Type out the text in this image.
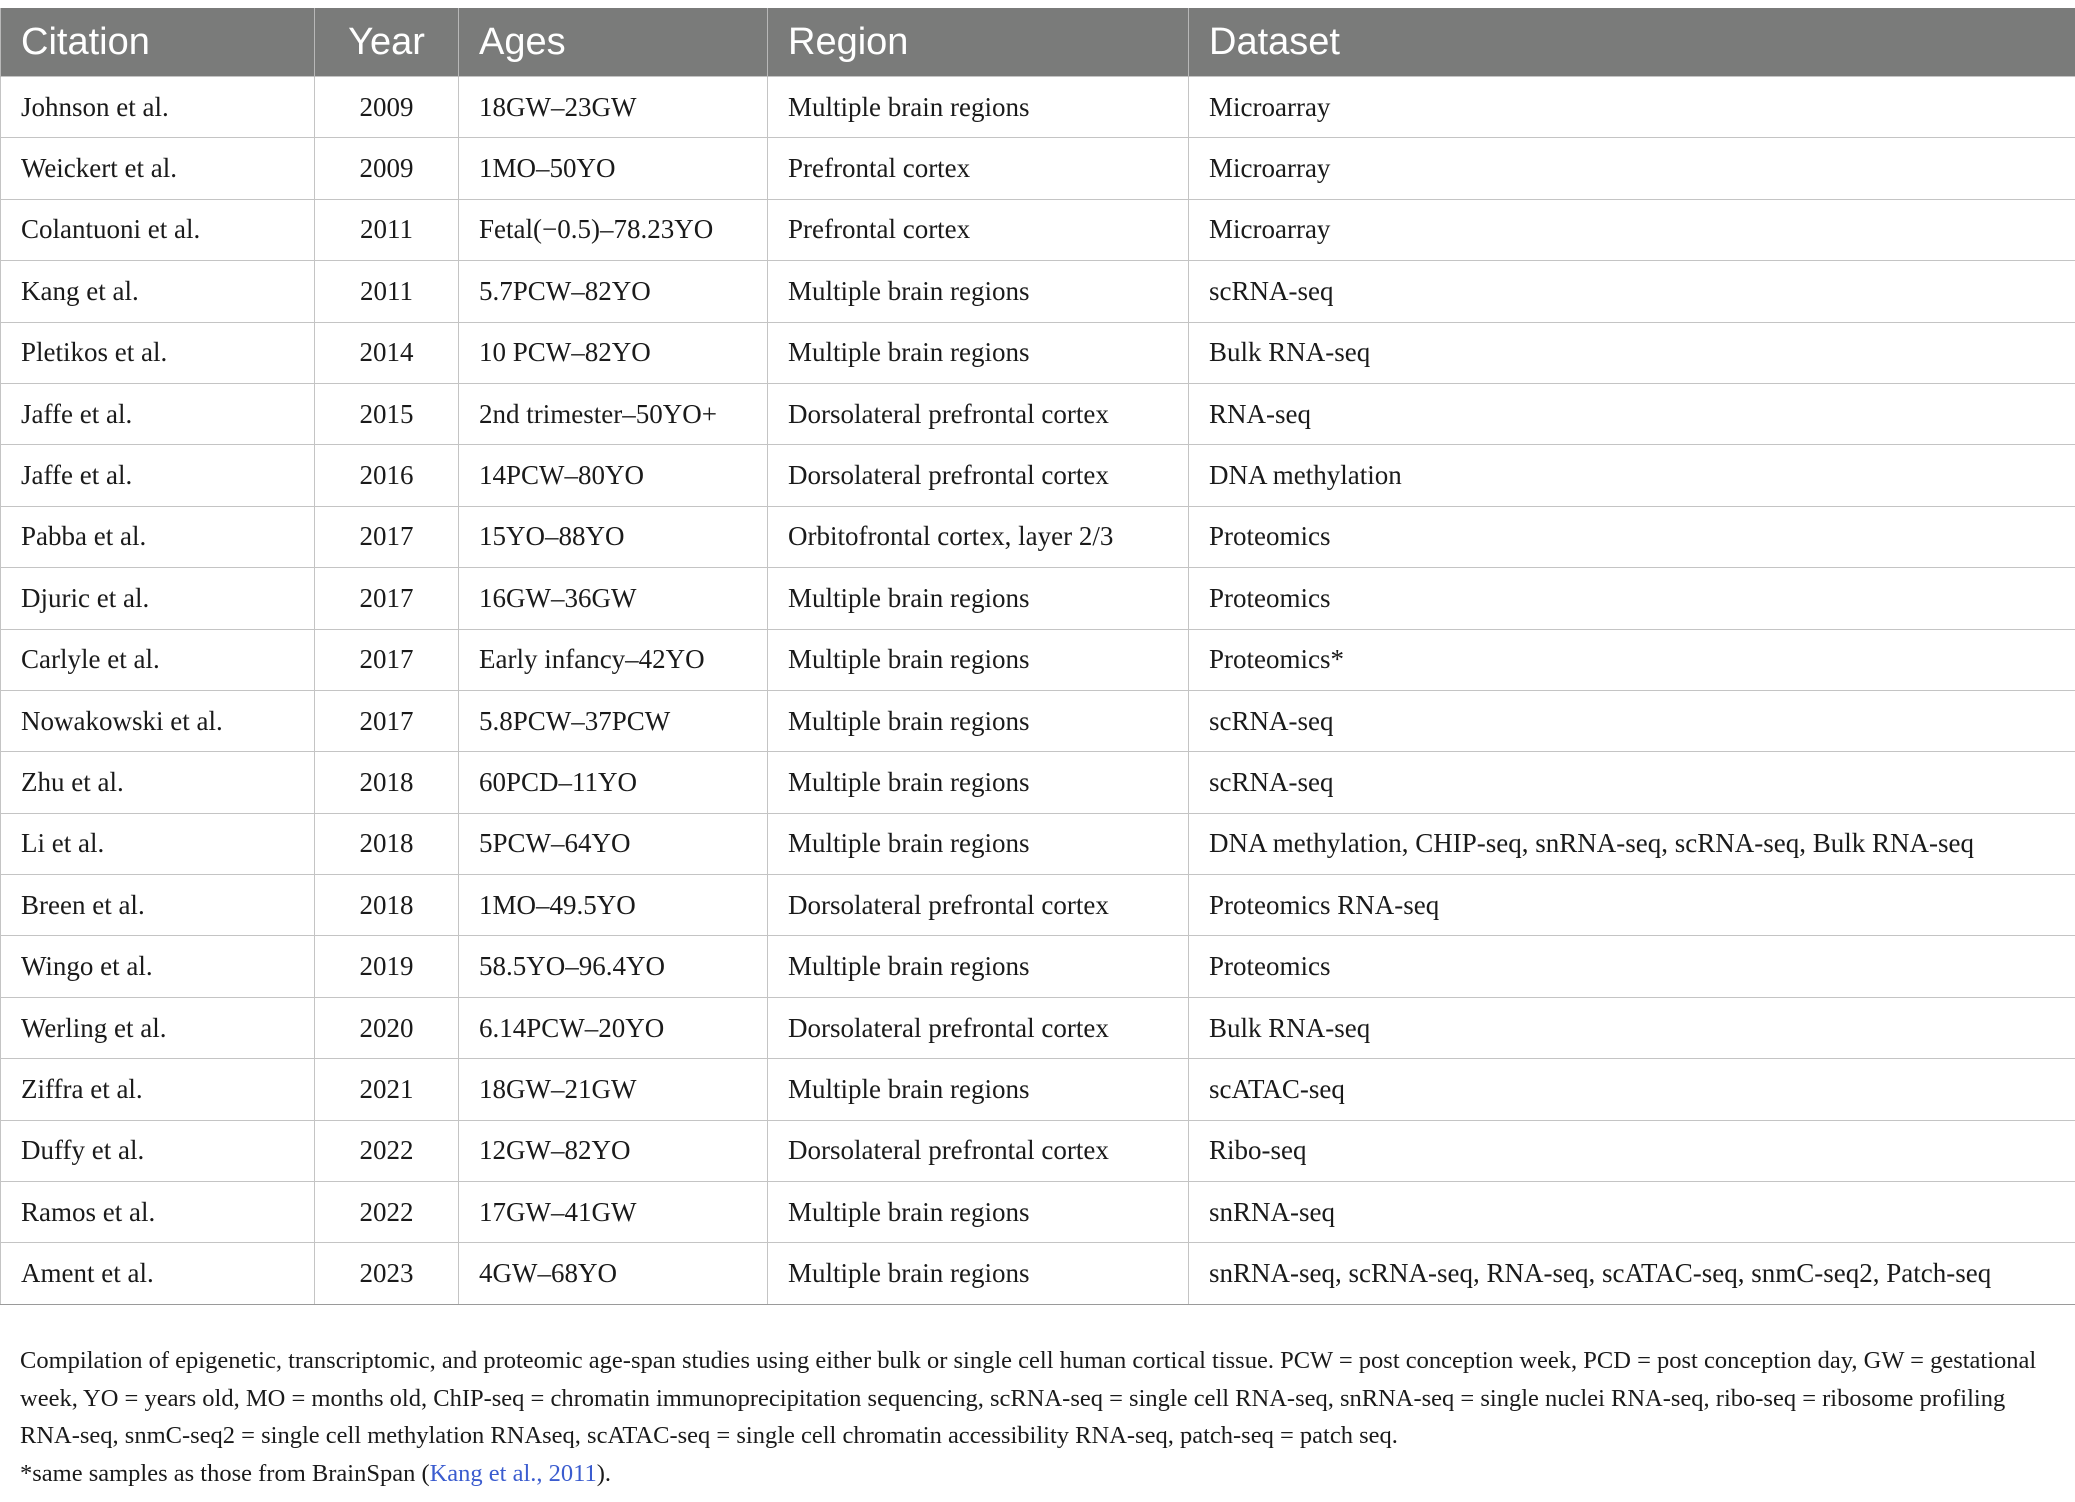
Citation	Year	Ages	Region	Dataset
Johnson et al.	2009	18GW–23GW	Multiple brain regions	Microarray
Weickert et al.	2009	1MO–50YO	Prefrontal cortex	Microarray
Colantuoni et al.	2011	Fetal(−0.5)–78.23YO	Prefrontal cortex	Microarray
Kang et al.	2011	5.7PCW–82YO	Multiple brain regions	scRNA-seq
Pletikos et al.	2014	10 PCW–82YO	Multiple brain regions	Bulk RNA-seq
Jaffe et al.	2015	2nd trimester–50YO+	Dorsolateral prefrontal cortex	RNA-seq
Jaffe et al.	2016	14PCW–80YO	Dorsolateral prefrontal cortex	DNA methylation
Pabba et al.	2017	15YO–88YO	Orbitofrontal cortex, layer 2/3	Proteomics
Djuric et al.	2017	16GW–36GW	Multiple brain regions	Proteomics
Carlyle et al.	2017	Early infancy–42YO	Multiple brain regions	Proteomics*
Nowakowski et al.	2017	5.8PCW–37PCW	Multiple brain regions	scRNA-seq
Zhu et al.	2018	60PCD–11YO	Multiple brain regions	scRNA-seq
Li et al.	2018	5PCW–64YO	Multiple brain regions	DNA methylation, CHIP-seq, snRNA-seq, scRNA-seq, Bulk RNA-seq
Breen et al.	2018	1MO–49.5YO	Dorsolateral prefrontal cortex	Proteomics RNA-seq
Wingo et al.	2019	58.5YO–96.4YO	Multiple brain regions	Proteomics
Werling et al.	2020	6.14PCW–20YO	Dorsolateral prefrontal cortex	Bulk RNA-seq
Ziffra et al.	2021	18GW–21GW	Multiple brain regions	scATAC-seq
Duffy et al.	2022	12GW–82YO	Dorsolateral prefrontal cortex	Ribo-seq
Ramos et al.	2022	17GW–41GW	Multiple brain regions	snRNA-seq
Ament et al.	2023	4GW–68YO	Multiple brain regions	snRNA-seq, scRNA-seq, RNA-seq, scATAC-seq, snmC-seq2, Patch-seq

Compilation of epigenetic, transcriptomic, and proteomic age-span studies using either bulk or single cell human cortical tissue. PCW = post conception week, PCD = post conception day, GW = gestational week, YO = years old, MO = months old, ChIP-seq = chromatin immunoprecipitation sequencing, scRNA-seq = single cell RNA-seq, snRNA-seq = single nuclei RNA-seq, ribo-seq = ribosome profiling RNA-seq, snmC-seq2 = single cell methylation RNAseq, scATAC-seq = single cell chromatin accessibility RNA-seq, patch-seq = patch seq.

*same samples as those from BrainSpan (Kang et al., 2011).
